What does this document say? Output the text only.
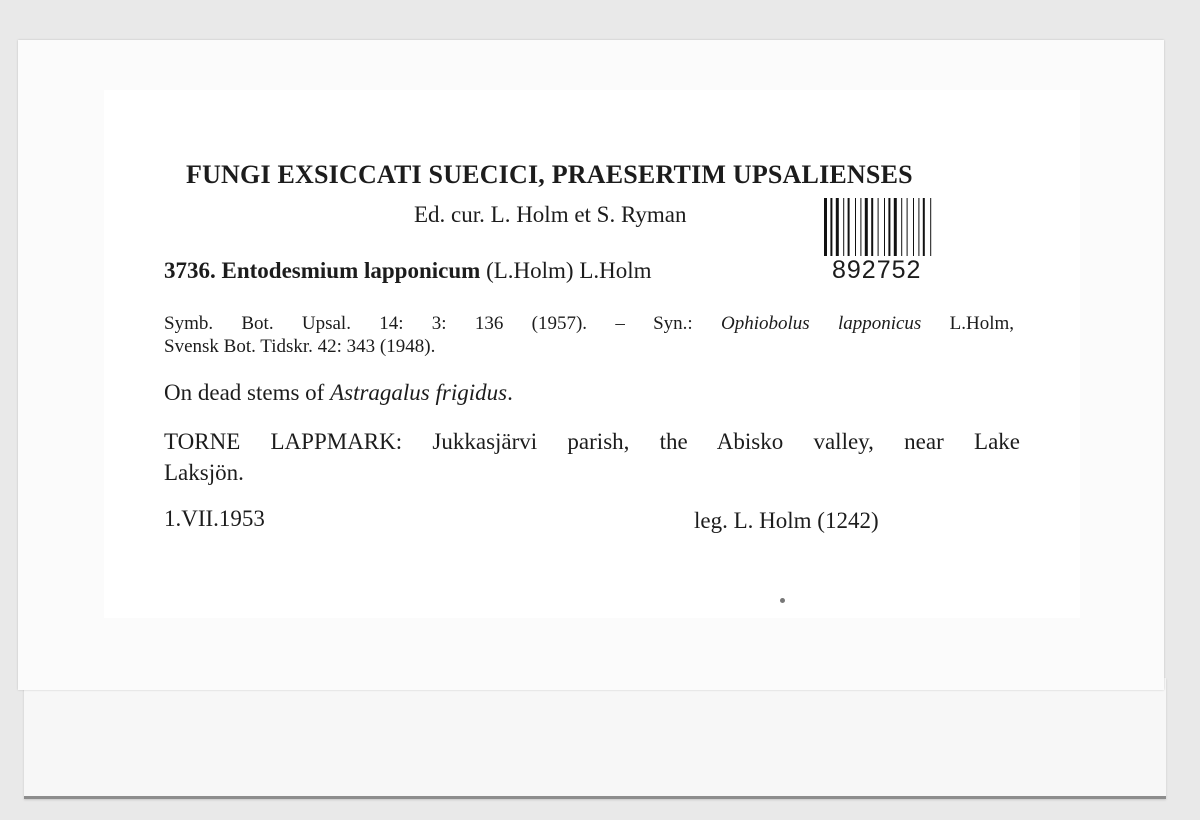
FUNGI EXSICCATI SUECICI, PRAESERTIM UPSALIENSES
Ed. cur. L. Holm et S. Ryman
3736. Entodesmium lapponicum (L.Holm) L.Holm	892752
Symb. Bot. Upsal. 14: 3: 136 (1957). – Syn.: Ophiobolus lapponicus L.Holm,
Svensk Bot. Tidskr. 42: 343 (1948).
On dead stems of Astragalus frigidus.
TORNE LAPPMARK: Jukkasjärvi parish, the Abisko valley, near Lake
Laksjön.
1.VII.1953	leg. L. Holm (1242)
